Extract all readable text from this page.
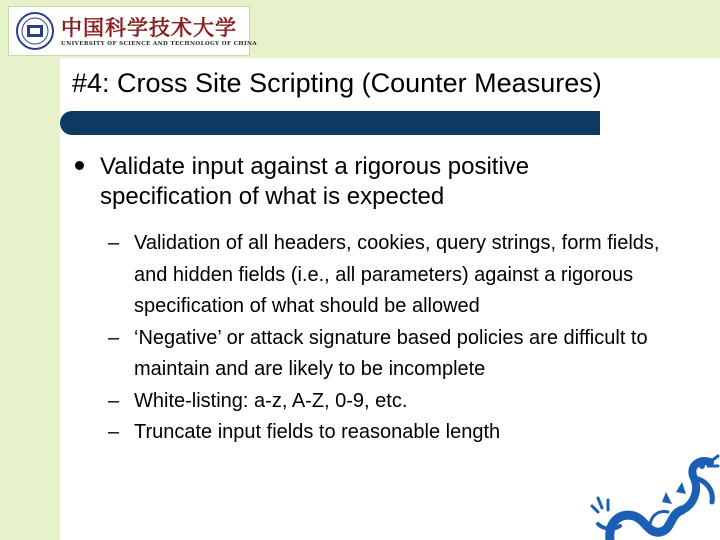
中国科学技术大学
UNIVERSITY OF SCIENCE AND TECHNOLOGY OF CHINA
#4: Cross Site Scripting (Counter Measures)
Validate input against a rigorous positive specification of what is expected
– Validation of all headers, cookies, query strings, form fields, and hidden fields (i.e., all parameters) against a rigorous specification of what should be allowed
– ‘Negative’ or attack signature based policies are difficult to maintain and are likely to be incomplete
– White-listing: a-z, A-Z, 0-9, etc.
– Truncate input fields to reasonable length
